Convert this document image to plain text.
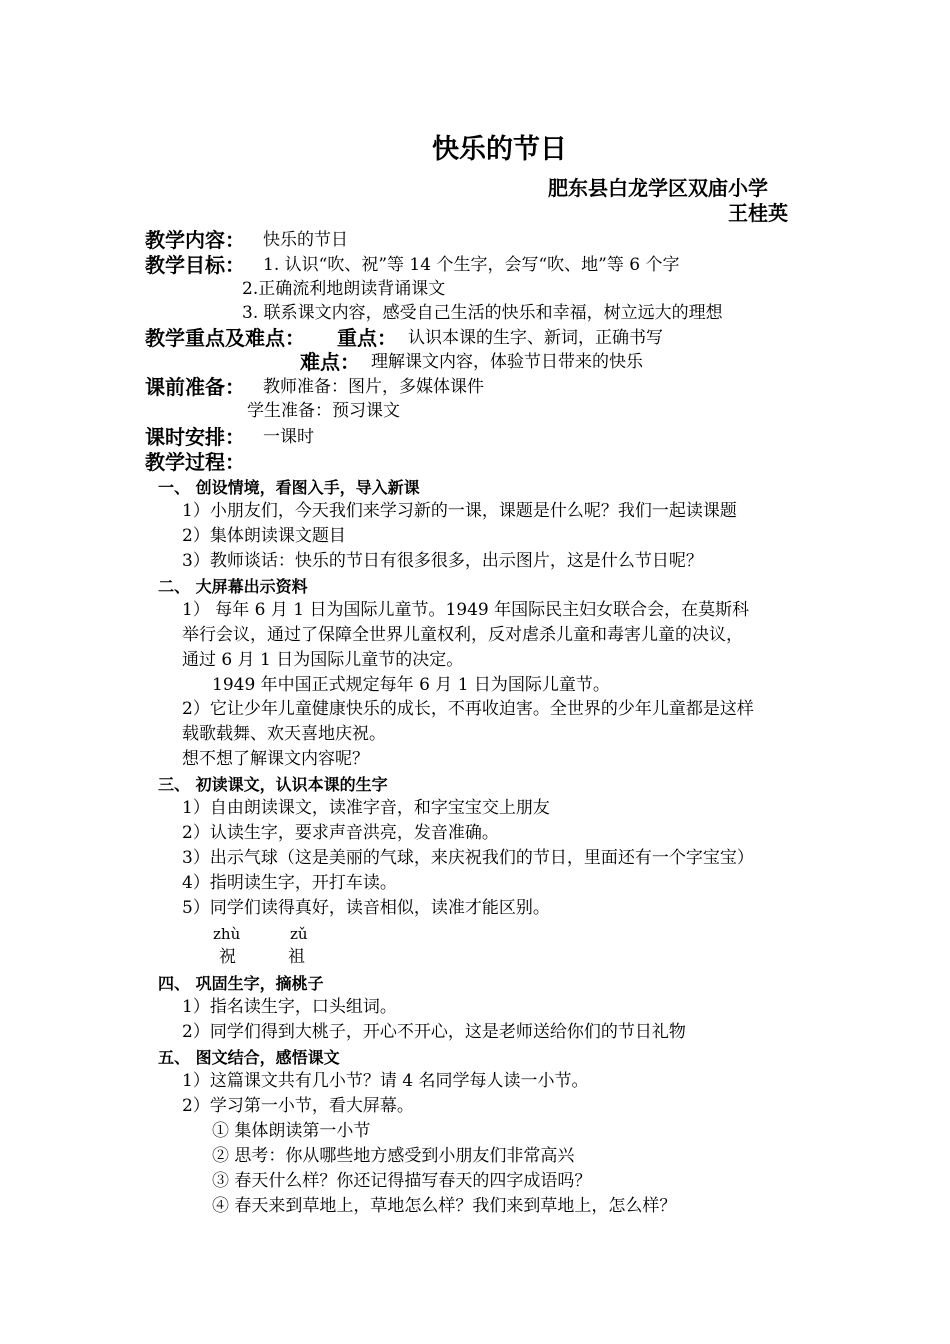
快乐的节日
肥东县白龙学区双庙小学
王桂英
教学内容： 快乐的节日
教学目标： 1. 认识“吹、祝”等 14 个生字，会写“吹、地”等 6 个字
2.正确流利地朗读背诵课文
3. 联系课文内容，感受自己生活的快乐和幸福，树立远大的理想
教学重点及难点： 重点： 认识本课的生字、新词，正确书写
难点： 理解课文内容，体验节日带来的快乐
课前准备： 教师准备：图片，多媒体课件
学生准备：预习课文
课时安排： 一课时
教学过程：
一、 创设情境，看图入手，导入新课
1）小朋友们，今天我们来学习新的一课，课题是什么呢？我们一起读课题
2）集体朗读课文题目
3）教师谈话：快乐的节日有很多很多，出示图片，这是什么节日呢？
二、 大屏幕出示资料
1） 每年 6 月 1 日为国际儿童节。1949 年国际民主妇女联合会，在莫斯科
举行会议，通过了保障全世界儿童权利，反对虐杀儿童和毒害儿童的决议，
通过 6 月 1 日为国际儿童节的决定。
1949 年中国正式规定每年 6 月 1 日为国际儿童节。
2）它让少年儿童健康快乐的成长，不再收迫害。全世界的少年儿童都是这样
载歌载舞、欢天喜地庆祝。
想不想了解课文内容呢？
三、 初读课文，认识本课的生字
1）自由朗读课文，读准字音，和字宝宝交上朋友
2）认读生字，要求声音洪亮，发音准确。
3）出示气球（这是美丽的气球，来庆祝我们的节日，里面还有一个字宝宝）
4）指明读生字，开打车读。
5）同学们读得真好，读音相似，读准才能区别。
zhù	zǔ
祝	祖
四、 巩固生字，摘桃子
1）指名读生字，口头组词。
2）同学们得到大桃子，开心不开心，这是老师送给你们的节日礼物
五、 图文结合，感悟课文
1）这篇课文共有几小节？请 4 名同学每人读一小节。
2）学习第一小节，看大屏幕。
① 集体朗读第一小节
② 思考：你从哪些地方感受到小朋友们非常高兴
③ 春天什么样？你还记得描写春天的四字成语吗？
④ 春天来到草地上，草地怎么样？我们来到草地上，怎么样？
